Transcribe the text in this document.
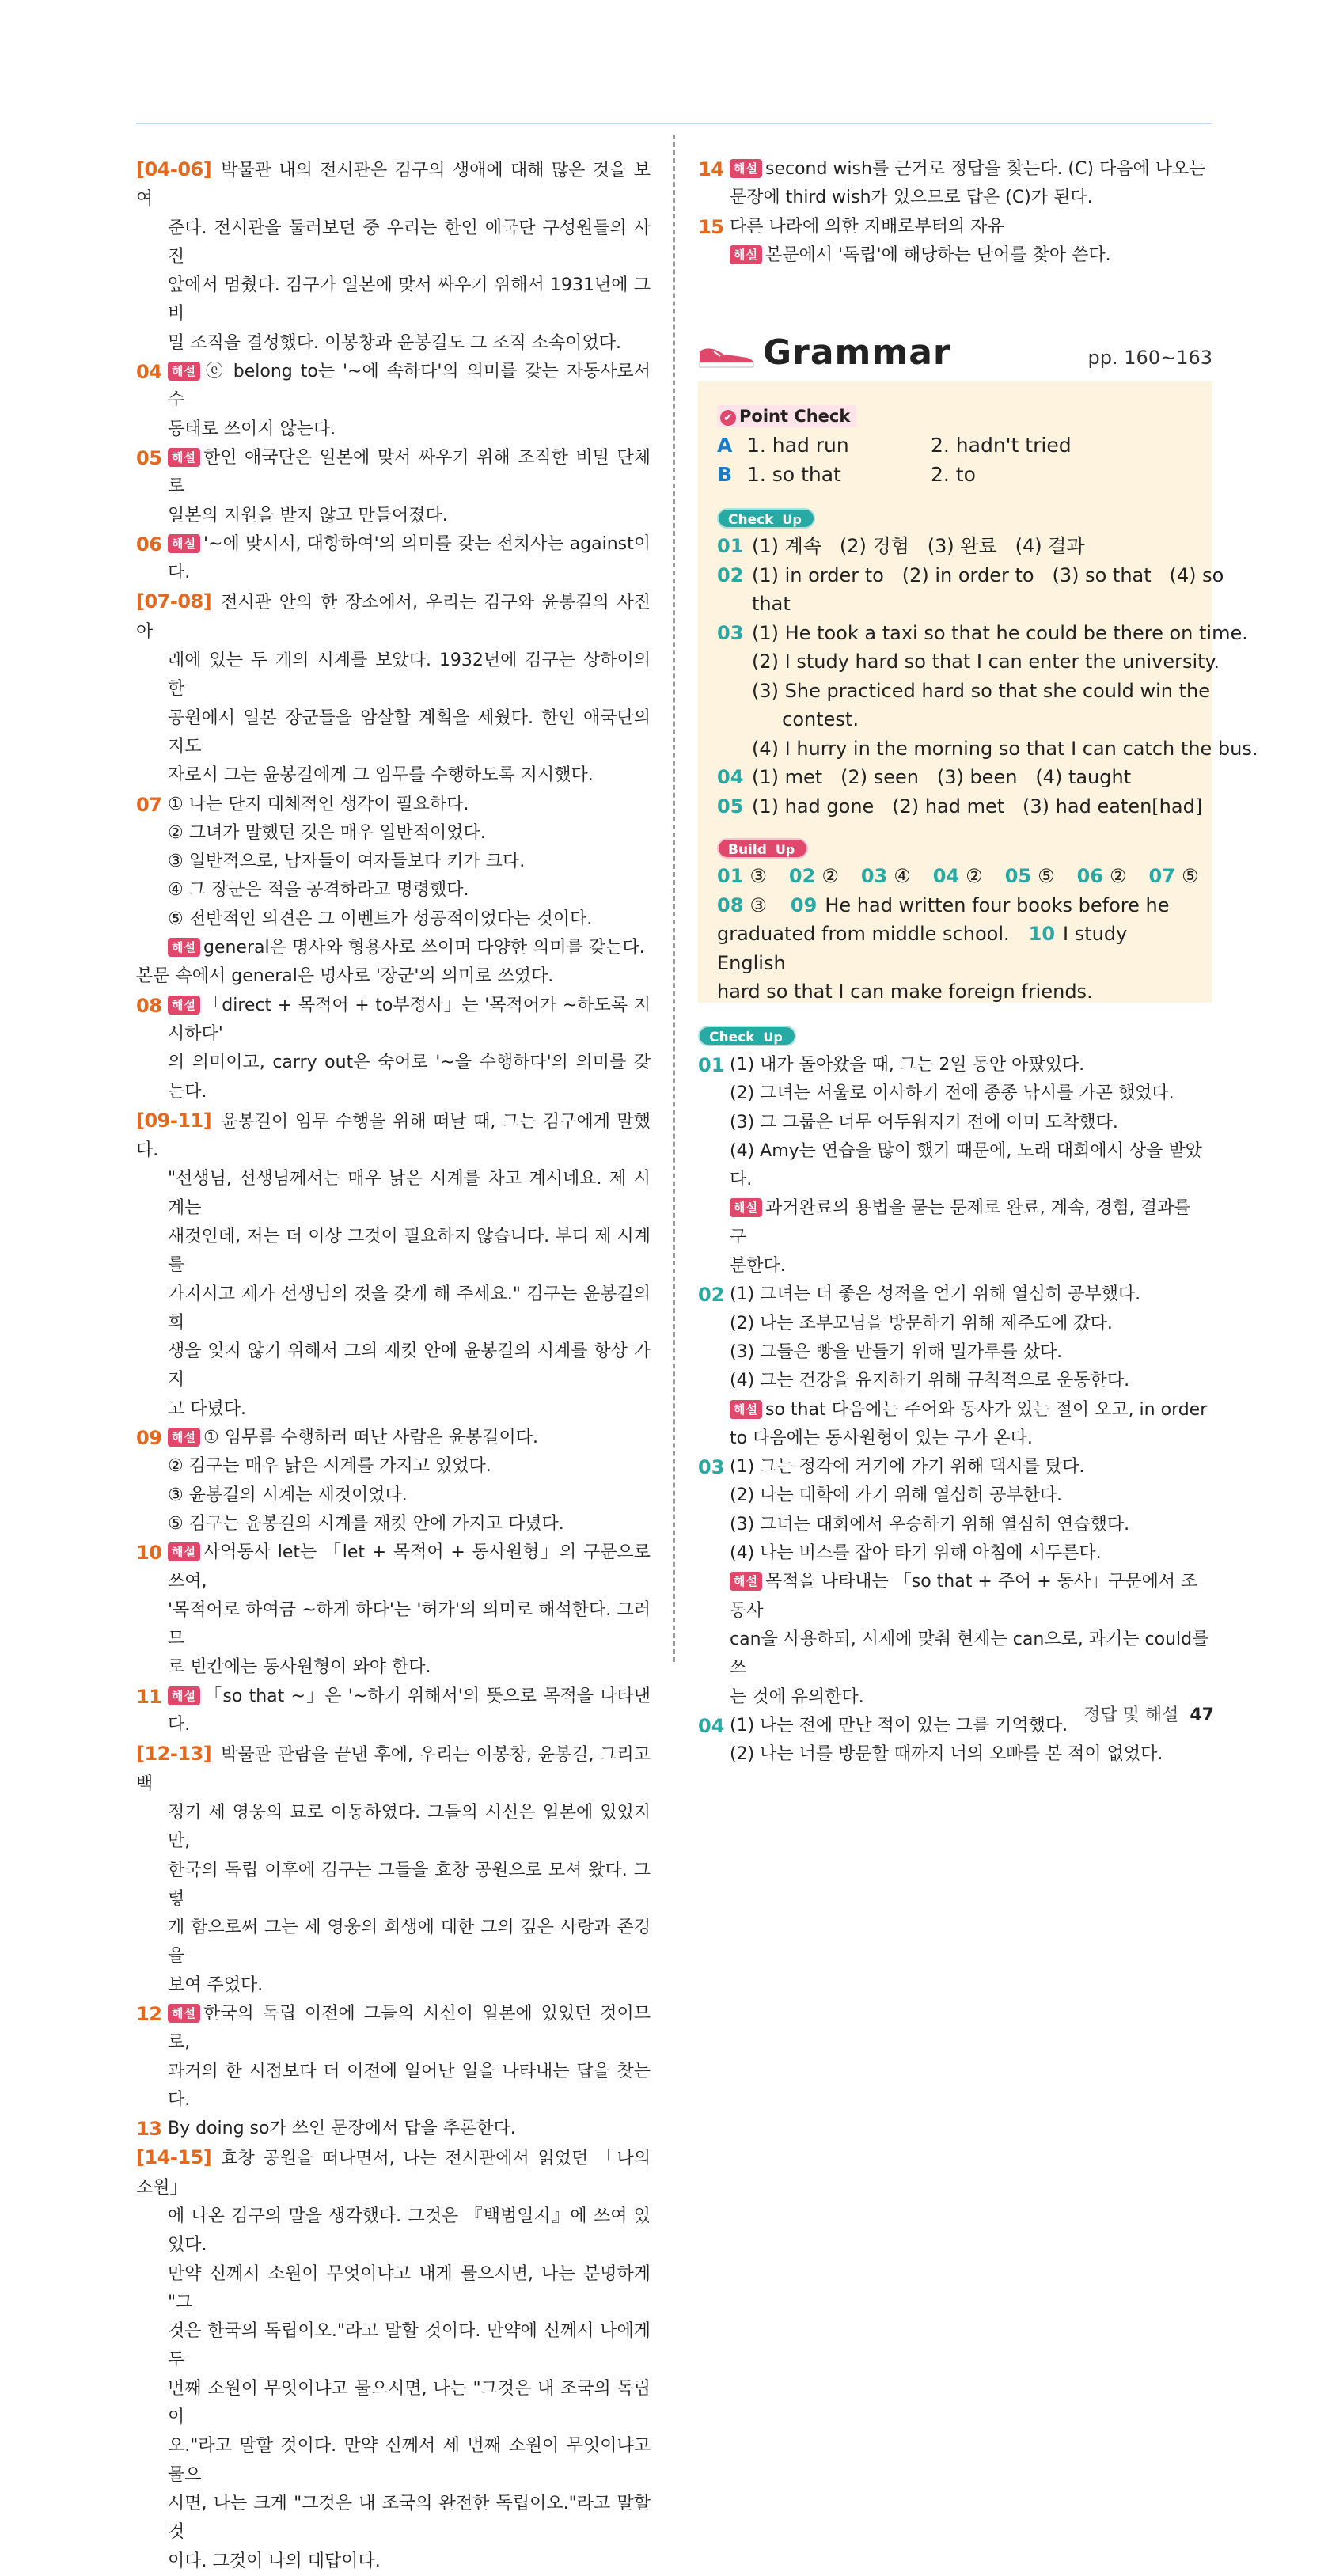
[04-06] 박물관 내의 전시관은 김구의 생애에 대해 많은 것을 보여
준다. 전시관을 둘러보던 중 우리는 한인 애국단 구성원들의 사진
앞에서 멈췄다. 김구가 일본에 맞서 싸우기 위해서 1931년에 그 비
밀 조직을 결성했다. 이봉창과 윤봉길도 그 조직 소속이었다.
04 해설 ⓔ belong to는 '~에 속하다'의 의미를 갖는 자동사로서 수
동태로 쓰이지 않는다.
05 해설 한인 애국단은 일본에 맞서 싸우기 위해 조직한 비밀 단체로
일본의 지원을 받지 않고 만들어졌다.
06 해설 '~에 맞서서, 대항하여'의 의미를 갖는 전치사는 against이다.
[07-08] 전시관 안의 한 장소에서, 우리는 김구와 윤봉길의 사진 아
래에 있는 두 개의 시계를 보았다. 1932년에 김구는 상하이의 한
공원에서 일본 장군들을 암살할 계획을 세웠다. 한인 애국단의 지도
자로서 그는 윤봉길에게 그 임무를 수행하도록 지시했다.
07 ① 나는 단지 대체적인 생각이 필요하다.
② 그녀가 말했던 것은 매우 일반적이었다.
③ 일반적으로, 남자들이 여자들보다 키가 크다.
④ 그 장군은 적을 공격하라고 명령했다.
⑤ 전반적인 의견은 그 이벤트가 성공적이었다는 것이다.
해설 general은 명사와 형용사로 쓰이며 다양한 의미를 갖는다.
본문 속에서 general은 명사로 '장군'의 의미로 쓰였다.
08 해설 「direct + 목적어 + to부정사」는 '목적어가 ~하도록 지시하다'
의 의미이고, carry out은 숙어로 '~을 수행하다'의 의미를 갖는다.
[09-11] 윤봉길이 임무 수행을 위해 떠날 때, 그는 김구에게 말했다.
"선생님, 선생님께서는 매우 낡은 시계를 차고 계시네요. 제 시계는
새것인데, 저는 더 이상 그것이 필요하지 않습니다. 부디 제 시계를
가지시고 제가 선생님의 것을 갖게 해 주세요." 김구는 윤봉길의 희
생을 잊지 않기 위해서 그의 재킷 안에 윤봉길의 시계를 항상 가지
고 다녔다.
09 해설 ① 임무를 수행하러 떠난 사람은 윤봉길이다.
② 김구는 매우 낡은 시계를 가지고 있었다.
③ 윤봉길의 시계는 새것이었다.
⑤ 김구는 윤봉길의 시계를 재킷 안에 가지고 다녔다.
10 해설 사역동사 let는 「let + 목적어 + 동사원형」의 구문으로 쓰여,
'목적어로 하여금 ~하게 하다'는 '허가'의 의미로 해석한다. 그러므
로 빈칸에는 동사원형이 와야 한다.
11 해설 「so that ~」은 '~하기 위해서'의 뜻으로 목적을 나타낸다.
[12-13] 박물관 관람을 끝낸 후에, 우리는 이봉창, 윤봉길, 그리고 백
정기 세 영웅의 묘로 이동하였다. 그들의 시신은 일본에 있었지만,
한국의 독립 이후에 김구는 그들을 효창 공원으로 모셔 왔다. 그렇
게 함으로써 그는 세 영웅의 희생에 대한 그의 깊은 사랑과 존경을
보여 주었다.
12 해설 한국의 독립 이전에 그들의 시신이 일본에 있었던 것이므로,
과거의 한 시점보다 더 이전에 일어난 일을 나타내는 답을 찾는다.
13 By doing so가 쓰인 문장에서 답을 추론한다.
[14-15] 효창 공원을 떠나면서, 나는 전시관에서 읽었던 「나의 소원」
에 나온 김구의 말을 생각했다. 그것은 『백범일지』에 쓰여 있었다.
만약 신께서 소원이 무엇이냐고 내게 물으시면, 나는 분명하게 "그
것은 한국의 독립이오."라고 말할 것이다. 만약에 신께서 나에게 두
번째 소원이 무엇이냐고 물으시면, 나는 "그것은 내 조국의 독립이
오."라고 말할 것이다. 만약 신께서 세 번째 소원이 무엇이냐고 물으
시면, 나는 크게 "그것은 내 조국의 완전한 독립이오."라고 말할 것
이다. 그것이 나의 대답이다.
14 해설 second wish를 근거로 정답을 찾는다. (C) 다음에 나오는
문장에 third wish가 있으므로 답은 (C)가 된다.
15 다른 나라에 의한 지배로부터의 자유
해설 본문에서 '독립'에 해당하는 단어를 찾아 쓴다.
Grammar	pp. 160~163
✔ Point Check
A 1. had run	2. hadn't tried
B 1. so that	2. to
Check Up
01 (1) 계속   (2) 경험   (3) 완료   (4) 결과
02 (1) in order to   (2) in order to   (3) so that   (4) so
that
03 (1) He took a taxi so that he could be there on time.
(2) I study hard so that I can enter the university.
(3) She practiced hard so that she could win the
contest.
(4) I hurry in the morning so that I can catch the bus.
04 (1) met   (2) seen   (3) been   (4) taught
05 (1) had gone   (2) had met   (3) had eaten[had]
Build Up
01 ③ 02 ② 03 ④ 04 ② 05 ⑤ 06 ② 07 ⑤
08 ③ 09 He had written four books before he
graduated from middle school. 10 I study English
hard so that I can make foreign friends.
Check Up
01 (1) 내가 돌아왔을 때, 그는 2일 동안 아팠었다.
(2) 그녀는 서울로 이사하기 전에 종종 낚시를 가곤 했었다.
(3) 그 그룹은 너무 어두워지기 전에 이미 도착했다.
(4) Amy는 연습을 많이 했기 때문에, 노래 대회에서 상을 받았다.
해설 과거완료의 용법을 묻는 문제로 완료, 계속, 경험, 결과를 구
분한다.
02 (1) 그녀는 더 좋은 성적을 얻기 위해 열심히 공부했다.
(2) 나는 조부모님을 방문하기 위해 제주도에 갔다.
(3) 그들은 빵을 만들기 위해 밀가루를 샀다.
(4) 그는 건강을 유지하기 위해 규칙적으로 운동한다.
해설 so that 다음에는 주어와 동사가 있는 절이 오고, in order
to 다음에는 동사원형이 있는 구가 온다.
03 (1) 그는 정각에 거기에 가기 위해 택시를 탔다.
(2) 나는 대학에 가기 위해 열심히 공부한다.
(3) 그녀는 대회에서 우승하기 위해 열심히 연습했다.
(4) 나는 버스를 잡아 타기 위해 아침에 서두른다.
해설 목적을 나타내는 「so that + 주어 + 동사」구문에서 조동사
can을 사용하되, 시제에 맞춰 현재는 can으로, 과거는 could를 쓰
는 것에 유의한다.
04 (1) 나는 전에 만난 적이 있는 그를 기억했다.
(2) 나는 너를 방문할 때까지 너의 오빠를 본 적이 없었다.
정답 및 해설 47
